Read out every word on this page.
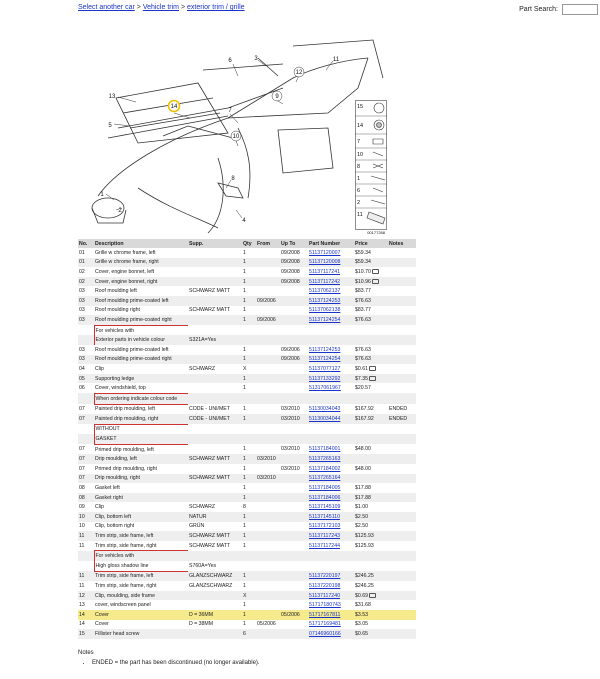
Select another car > Vehicle trim > exterior trim / grille	Part Search:
6	3	11
12
13
14
7
9
5
10
8
1
2
4
15
14
7
10
8
1
6
2
11
00177288
No.	Description	Supp.	Qty	From	Up To	Part Number	Price	Notes
01	Grille w chrome frame, left		1		09/2008	51137120007	$59.34	
01	Grille w chrome frame, right		1		09/2008	51137120008	$59.34	
02	Cover, engine bonnet, left		1		09/2008	51137117241	$10.70	
02	Cover, engine bonnet, right		1		09/2008	51137117242	$10.96	
03	Roof moulding left	SCHWARZ MATT	1			51137062137	$83.77	
03	Roof moulding prime-coated left		1	09/2006		51137124253	$76.63	
03	Roof moulding right	SCHWARZ MATT	1			51137062138	$83.77	
03	Roof moulding prime-coated right		1	09/2006		51137124254	$76.63	
	For vehicles with							
	Exterior parts in vehicle colour	S321A=Yes						
03	Roof moulding prime-coated left		1		09/2006	51137124253	$76.63	
03	Roof moulding prime-coated right		1		09/2006	51137124254	$76.63	
04	Clip	SCHWARZ	X			51137077127	$0.61	
05	Supporting ledge		1			51137133292	$7.35	
06	Cover, windshield, top		1			51317061967	$20.57	
	When ordering indicate colour code							
07	Painted drip moulding, left	CODE - UNI/MET	1		03/2010	51130034043	$167.92	ENDED
07	Painted drip moulding, right	CODE - UNI/MET	1		03/2010	51130034044	$167.92	ENDED
	WITHOUT							
	GASKET							
07	Primed drip moulding, left		1		03/2010	51137184001	$48.00	
07	Drip moulding, left	SCHWARZ MATT	1	03/2010		51137265163		
07	Primed drip moulding, right		1		03/2010	51137184002	$48.00	
07	Drip moulding, right	SCHWARZ MATT	1	03/2010		51137265164		
08	Gasket left		1			51137184005	$17.88	
08	Gasket right		1			51137184006	$17.88	
09	Clip	SCHWARZ	8			51137145109	$1.00	
10	Clip, bottom left	NATUR	1			51137145110	$2.50	
10	Clip, bottom right	GRÜN	1			51137172103	$2.50	
11	Trim strip, side frame, left	SCHWARZ MATT	1			51137117243	$125.93	
11	Trim strip, side frame, right	SCHWARZ MATT	1			51137117244	$125.93	
	For vehicles with							
	High gloss shadow line	S760A=Yes						
11	Trim strip, side frame, left	GLANZSCHWARZ	1			51137220197	$246.25	
11	Trim strip, side frame, right	GLANZSCHWARZ	1			51137220198	$246.25	
12	Clip, moulding, side frame		X			51137117240	$0.69	
13	cover, windscreen panel		1			51717180743	$31.68	
14	Cover	D = 36MM	1		05/2006	51717167811	$3.53	
14	Cover	D = 38MM	1	05/2006		51717169481	$3.05	
15	Fillister head screw		6			07146960166	$0.65	
Notes
• ENDED = the part has been discontinued (no longer available).
